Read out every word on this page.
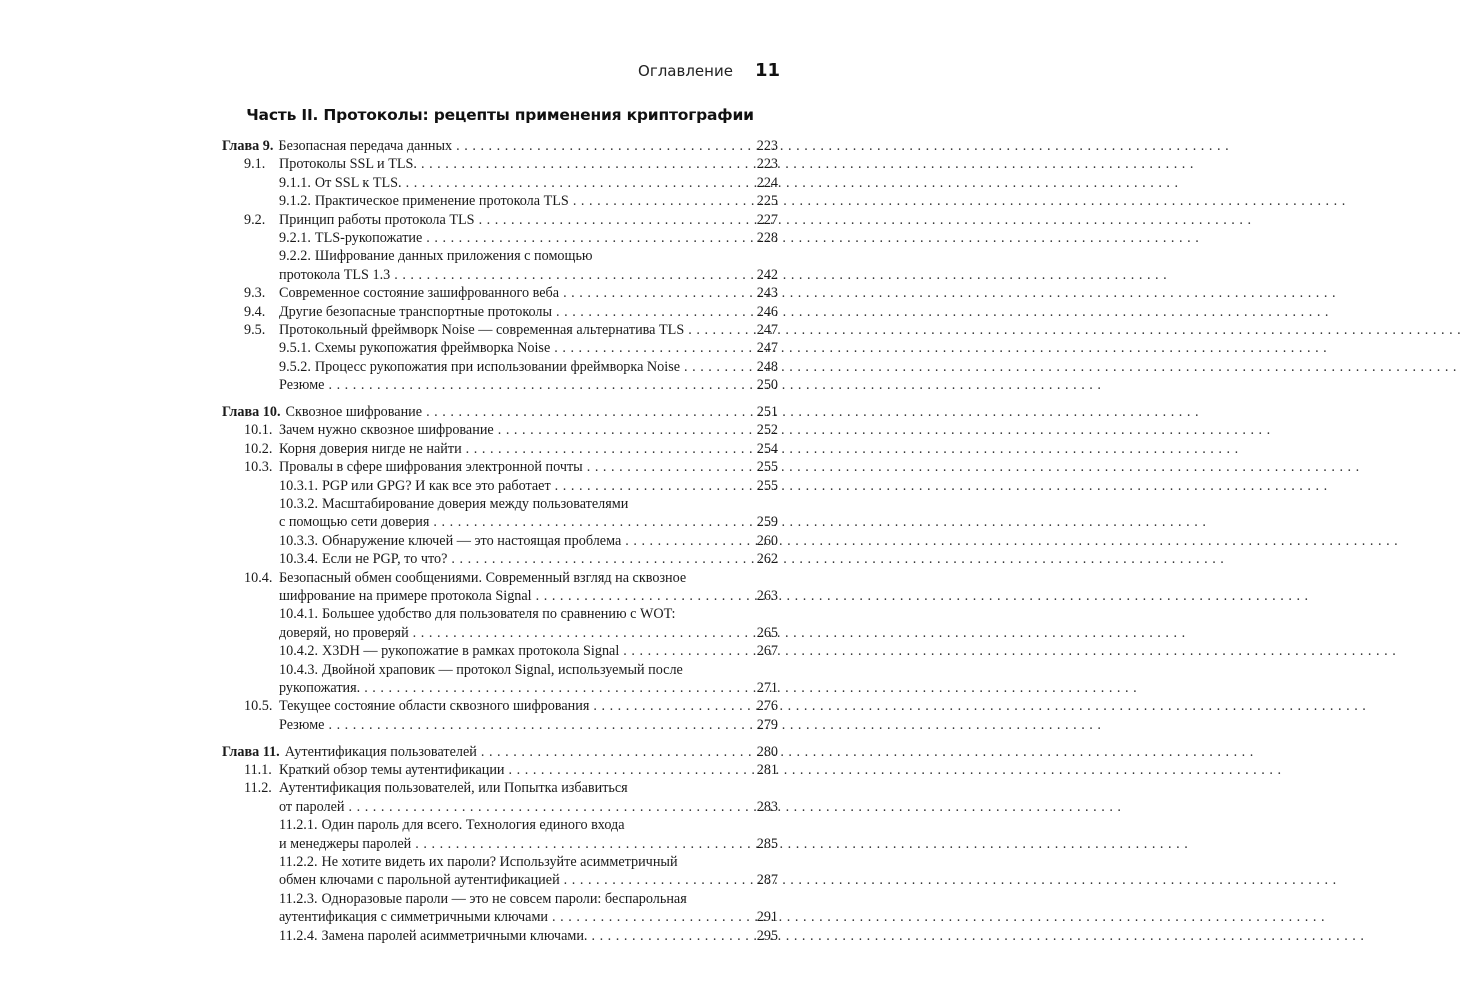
Оглавление 11
Часть II. Протоколы: рецепты применения криптографии
Глава 9. Безопасная передача данных . . .	223
9.1. Протоколы SSL и TLS. . . .	223
9.1.1. От SSL к TLS. . . .	224
9.1.2. Практическое применение протокола TLS . . .	225
9.2. Принцип работы протокола TLS . . .	227
9.2.1. TLS-рукопожатие . . .	228
9.2.2. Шифрование данных приложения с помощью
протокола TLS 1.3 . . .	242
9.3. Современное состояние зашифрованного веба . . .	243
9.4. Другие безопасные транспортные протоколы . . .	246
9.5. Протокольный фреймворк Noise — современная альтернатива TLS . . .	247
9.5.1. Схемы рукопожатия фреймворка Noise . . .	247
9.5.2. Процесс рукопожатия при использовании фреймворка Noise . . .	248
Резюме . . .	250
Глава 10. Сквозное шифрование . . .	251
10.1. Зачем нужно сквозное шифрование . . .	252
10.2. Корня доверия нигде не найти . . .	254
10.3. Провалы в сфере шифрования электронной почты . . .	255
10.3.1. PGP или GPG? И как все это работает . . .	255
10.3.2. Масштабирование доверия между пользователями
с помощью сети доверия . . .	259
10.3.3. Обнаружение ключей — это настоящая проблема . . .	260
10.3.4. Если не PGP, то что? . . .	262
10.4. Безопасный обмен сообщениями. Современный взгляд на сквозное
шифрование на примере протокола Signal . . .	263
10.4.1. Большее удобство для пользователя по сравнению с WOT:
доверяй, но проверяй . . .	265
10.4.2. X3DH — рукопожатие в рамках протокола Signal . . .	267
10.4.3. Двойной храповик — протокол Signal, используемый после
рукопожатия. . . .	271
10.5. Текущее состояние области сквозного шифрования . . .	276
Резюме . . .	279
Глава 11. Аутентификация пользователей . . .	280
11.1. Краткий обзор темы аутентификации . . .	281
11.2. Аутентификация пользователей, или Попытка избавиться
от паролей . . .	283
11.2.1. Один пароль для всего. Технология единого входа
и менеджеры паролей . . .	285
11.2.2. Не хотите видеть их пароли? Используйте асимметричный
обмен ключами с парольной аутентификацией . . .	287
11.2.3. Одноразовые пароли — это не совсем пароли: беспарольная
аутентификация с симметричными ключами . . .	291
11.2.4. Замена паролей асимметричными ключами. . . .	295
